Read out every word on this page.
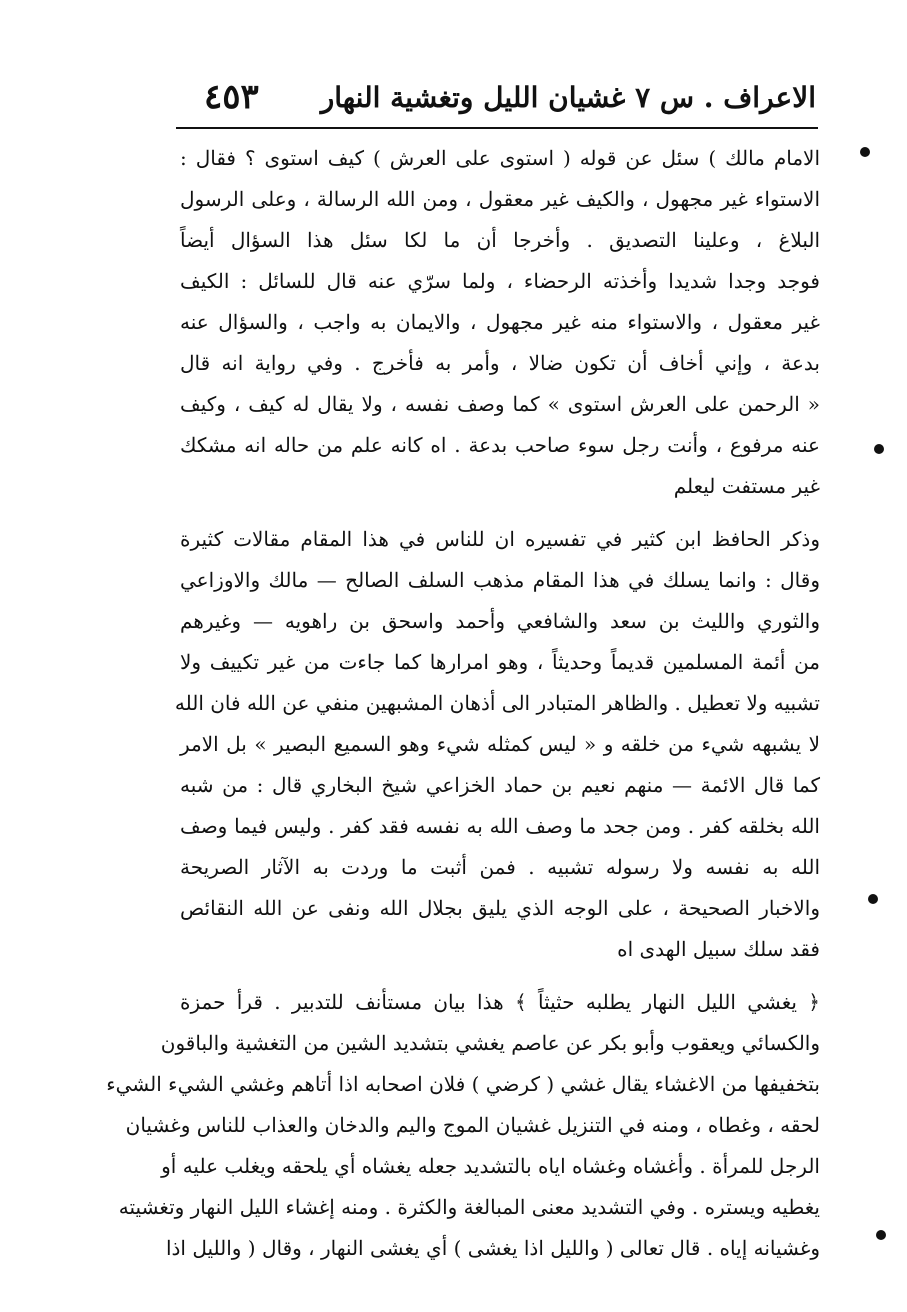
الاعراف . س ٧ غشيان الليل وتغشية النهار
٤٥٣
الامام مالك ) سئل عن قوله ( استوى على العرش ) كيف استوى ؟ فقال :
الاستواء غير مجهول ، والكيف غير معقول ، ومن الله الرسالة ، وعلى الرسول
البلاغ ، وعلينا التصديق . وأخرجا أن ما لكا سئل هذا السؤال أيضاً
فوجد وجدا شديدا وأخذته الرحضاء ، ولما سرّي عنه قال للسائل : الكيف
غير معقول ، والاستواء منه غير مجهول ، والايمان به واجب ، والسؤال عنه
بدعة ، وإني أخاف أن تكون ضالا ، وأمر به فأخرج . وفي رواية انه قال
« الرحمن على العرش استوى » كما وصف نفسه ، ولا يقال له كيف ، وكيف
عنه مرفوع ، وأنت رجل سوء صاحب بدعة . اه كانه علم من حاله انه مشكك
غير مستفت ليعلم
وذكر الحافظ ابن كثير في تفسيره ان للناس في هذا المقام مقالات كثيرة
وقال : وانما يسلك في هذا المقام مذهب السلف الصالح — مالك والاوزاعي
والثوري والليث بن سعد والشافعي وأحمد واسحق بن راهويه — وغيرهم
من أئمة المسلمين قديماً وحديثاً ، وهو امرارها كما جاءت من غير تكييف ولا
تشبيه ولا تعطيل . والظاهر المتبادر الى أذهان المشبهين منفي عن الله فان الله
لا يشبهه شيء من خلقه و « ليس كمثله شيء وهو السميع البصير » بل الامر
كما قال الائمة — منهم نعيم بن حماد الخزاعي شيخ البخاري قال : من شبه
الله بخلقه كفر . ومن جحد ما وصف الله به نفسه فقد كفر . وليس فيما وصف
الله به نفسه ولا رسوله تشبيه . فمن أثبت ما وردت به الآثار الصريحة
والاخبار الصحيحة ، على الوجه الذي يليق بجلال الله ونفى عن الله النقائص
فقد سلك سبيل الهدى اه
﴿ يغشي الليل النهار يطلبه حثيثاً ﴾ هذا بيان مستأنف للتدبير . قرأ حمزة
والكسائي ويعقوب وأبو بكر عن عاصم يغشي بتشديد الشين من التغشية والباقون
بتخفيفها من الاغشاء يقال غشي ( كرضي ) فلان اصحابه اذا أتاهم وغشي الشيء الشيء
لحقه ، وغطاه ، ومنه في التنزيل غشيان الموج واليم والدخان والعذاب للناس وغشيان
الرجل للمرأة . وأغشاه وغشاه اياه بالتشديد جعله يغشاه أي يلحقه ويغلب عليه أو
يغطيه ويستره . وفي التشديد معنى المبالغة والكثرة . ومنه إغشاء الليل النهار وتغشيته
وغشيانه إياه . قال تعالى ( والليل اذا يغشى ) أي يغشى النهار ، وقال ( والليل اذا
